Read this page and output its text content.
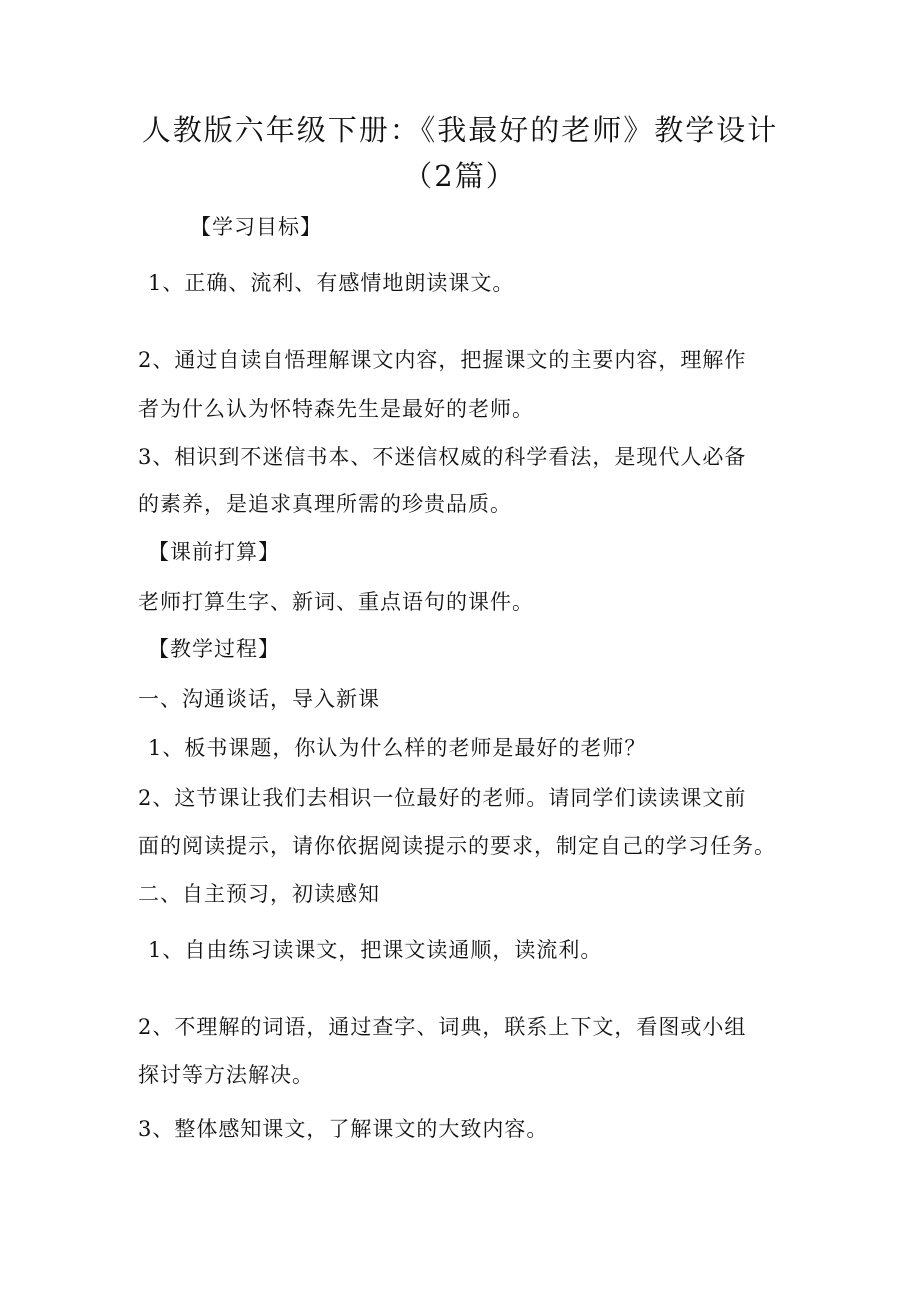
人教版六年级下册：《我最好的老师》教学设计
（2篇）
【学习目标】
1、正确、流利、有感情地朗读课文。
2、通过自读自悟理解课文内容，把握课文的主要内容，理解作
者为什么认为怀特森先生是最好的老师。
3、相识到不迷信书本、不迷信权威的科学看法，是现代人必备
的素养，是追求真理所需的珍贵品质。
【课前打算】
老师打算生字、新词、重点语句的课件。
【教学过程】
一、沟通谈话，导入新课
1、板书课题，你认为什么样的老师是最好的老师？
2、这节课让我们去相识一位最好的老师。请同学们读读课文前
面的阅读提示，请你依据阅读提示的要求，制定自己的学习任务。
二、自主预习，初读感知
1、自由练习读课文，把课文读通顺，读流利。
2、不理解的词语，通过查字、词典，联系上下文，看图或小组
探讨等方法解决。
3、整体感知课文，了解课文的大致内容。
